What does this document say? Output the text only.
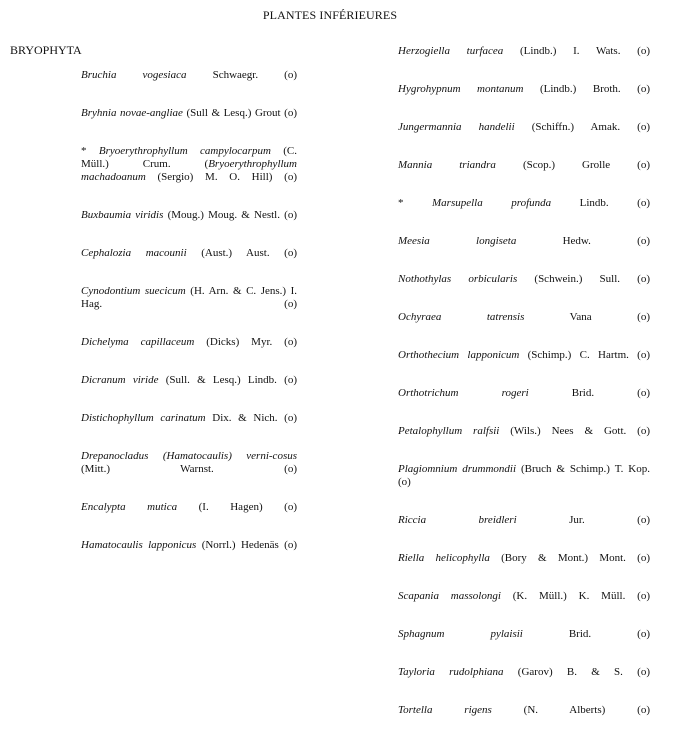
PLANTES INFÉRIEURES
BRYOPHYTA
Bruchia vogesiaca Schwaegr. (o)
Bryhnia novae-angliae (Sull & Lesq.) Grout (o)
* Bryoerythrophyllum campylocarpum (C. Müll.) Crum. (Bryoerythrophyllum machadoanum (Sergio) M. O. Hill) (o)
Buxbaumia viridis (Moug.) Moug. & Nestl. (o)
Cephalozia macounii (Aust.) Aust. (o)
Cynodontium suecicum (H. Arn. & C. Jens.) I. Hag. (o)
Dichelyma capillaceum (Dicks) Myr. (o)
Dicranum viride (Sull. & Lesq.) Lindb. (o)
Distichophyllum carinatum Dix. & Nich. (o)
Drepanocladus (Hamatocaulis) verni-cosus (Mitt.) Warnst. (o)
Encalypta mutica (I. Hagen) (o)
Hamatocaulis lapponicus (Norrl.) Hedenäs (o)
Herzogiella turfacea (Lindb.) I. Wats. (o)
Hygrohypnum montanum (Lindb.) Broth. (o)
Jungermannia handelii (Schiffn.) Amak. (o)
Mannia triandra (Scop.) Grolle (o)
* Marsupella profunda Lindb. (o)
Meesia longiseta Hedw. (o)
Nothothylas orbicularis (Schwein.) Sull. (o)
Ochyraea tatrensis Vana (o)
Orthothecium lapponicum (Schimp.) C. Hartm. (o)
Orthotrichum rogeri Brid. (o)
Petalophyllum ralfsii (Wils.) Nees & Gott. (o)
Plagiomnium drummondii (Bruch & Schimp.) T. Kop. (o)
Riccia breidleri Jur. (o)
Riella helicophylla (Bory & Mont.) Mont. (o)
Scapania massolongi (K. Müll.) K. Müll. (o)
Sphagnum pylaisii Brid. (o)
Tayloria rudolphiana (Garov) B. & S. (o)
Tortella rigens (N. Alberts) (o)
